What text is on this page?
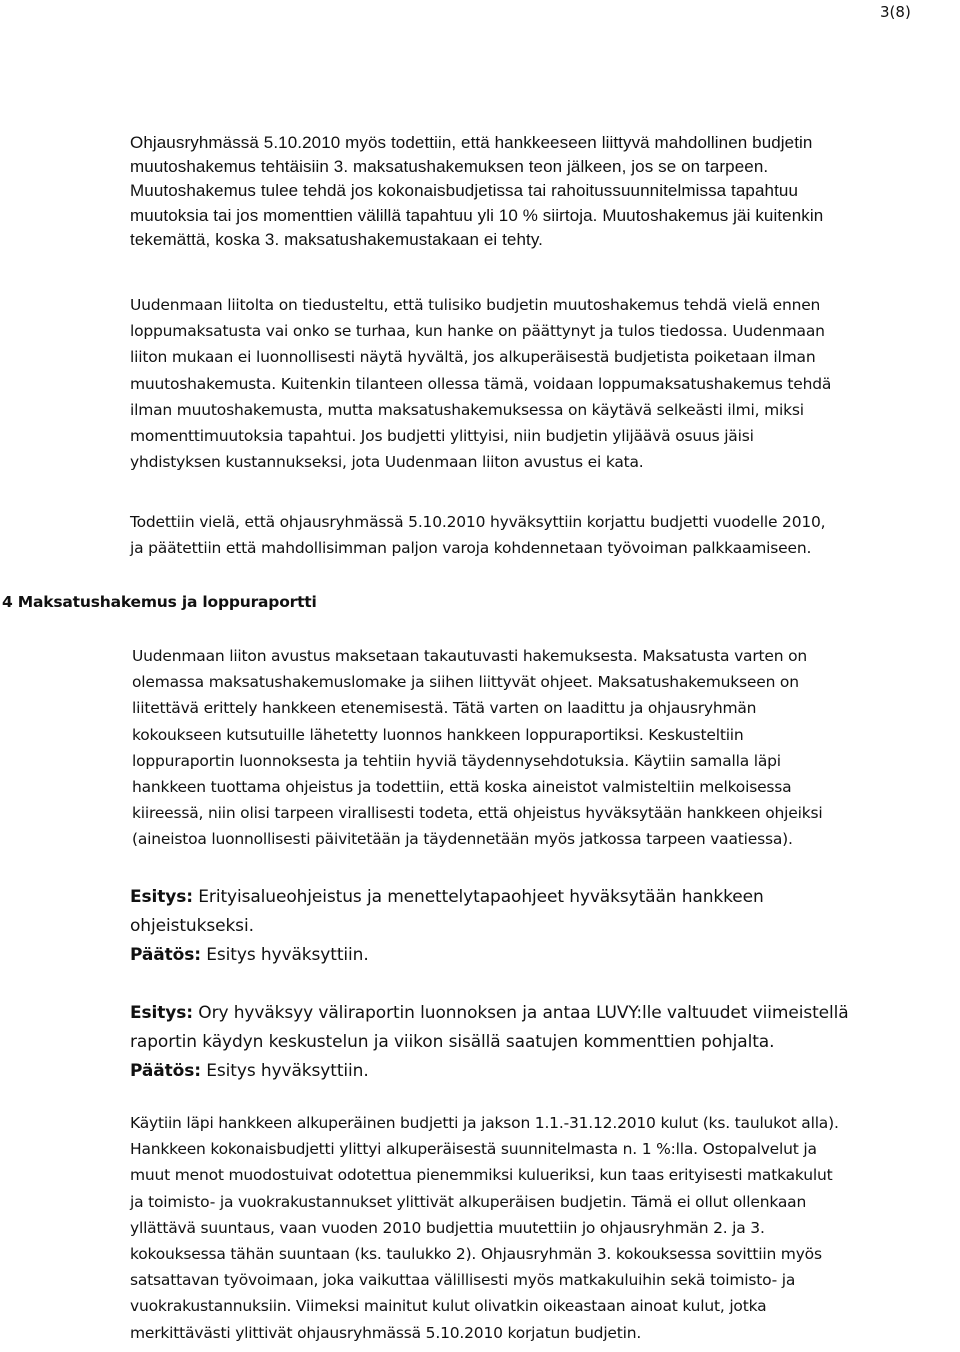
3(8)
Ohjausryhmässä 5.10.2010 myös todettiin, että hankkeeseen liittyvä mahdollinen budjetin
muutoshakemus tehtäisiin 3. maksatushakemuksen teon jälkeen, jos se on tarpeen.
Muutoshakemus tulee tehdä jos kokonaisbudjetissa tai rahoitussuunnitelmissa tapahtuu
muutoksia tai jos momenttien välillä tapahtuu yli 10 % siirtoja. Muutoshakemus jäi kuitenkin
tekemättä, koska 3. maksatushakemustakaan ei tehty.
Uudenmaan liitolta on tiedusteltu, että tulisiko budjetin muutoshakemus tehdä vielä ennen
loppumaksatusta vai onko se turhaa, kun hanke on päättynyt ja tulos tiedossa. Uudenmaan
liiton mukaan ei luonnollisesti näytä hyvältä, jos alkuperäisestä budjetista poiketaan ilman
muutoshakemusta. Kuitenkin tilanteen ollessa tämä, voidaan loppumaksatushakemus tehdä
ilman muutoshakemusta, mutta maksatushakemuksessa on käytävä selkeästi ilmi, miksi
momenttimuutoksia tapahtui. Jos budjetti ylittyisi, niin budjetin ylijäävä osuus jäisi
yhdistyksen kustannukseksi, jota Uudenmaan liiton avustus ei kata.
Todettiin vielä, että ohjausryhmässä 5.10.2010 hyväksyttiin korjattu budjetti vuodelle 2010,
ja päätettiin että mahdollisimman paljon varoja kohdennetaan työvoiman palkkaamiseen.
4 Maksatushakemus ja loppuraportti
Uudenmaan liiton avustus maksetaan takautuvasti hakemuksesta. Maksatusta varten on
olemassa maksatushakemuslomake ja siihen liittyvät ohjeet. Maksatushakemukseen on
liitettävä erittely hankkeen etenemisestä. Tätä varten on laadittu ja ohjausryhmän
kokoukseen kutsutuille lähetetty luonnos hankkeen loppuraportiksi. Keskusteltiin
loppuraportin luonnoksesta ja tehtiin hyviä täydennysehdotuksia. Käytiin samalla läpi
hankkeen tuottama ohjeistus ja todettiin, että koska aineistot valmisteltiin melkoisessa
kiireessä, niin olisi tarpeen virallisesti todeta, että ohjeistus hyväksytään hankkeen ohjeiksi
(aineistoa luonnollisesti päivitetään ja täydennetään myös jatkossa tarpeen vaatiessa).
Esitys: Erityisalueohjeistus ja menettelytapaohjeet hyväksytään hankkeen
ohjeistukseksi.
Päätös: Esitys hyväksyttiin.
Esitys: Ory hyväksyy väliraportin luonnoksen ja antaa LUVY:lle valtuudet viimeistellä
raportin käydyn keskustelun ja viikon sisällä saatujen kommenttien pohjalta.
Päätös: Esitys hyväksyttiin.
Käytiin läpi hankkeen alkuperäinen budjetti ja jakson 1.1.-31.12.2010 kulut (ks. taulukot alla).
Hankkeen kokonaisbudjetti ylittyi alkuperäisestä suunnitelmasta n. 1 %:lla. Ostopalvelut ja
muut menot muodostuivat odotettua pienemmiksi kulueriksi, kun taas erityisesti matkakulut
ja toimisto- ja vuokrakustannukset ylittivät alkuperäisen budjetin. Tämä ei ollut ollenkaan
yllättävä suuntaus, vaan vuoden 2010 budjettia muutettiin jo ohjausryhmän 2. ja 3.
kokouksessa tähän suuntaan (ks. taulukko 2). Ohjausryhmän 3. kokouksessa sovittiin myös
satsattavan työvoimaan, joka vaikuttaa välillisesti myös matkakuluihin sekä toimisto- ja
vuokrakustannuksiin. Viimeksi mainitut kulut olivatkin oikeastaan ainoat kulut, jotka
merkittävästi ylittivät ohjausryhmässä 5.10.2010 korjatun budjetin.
